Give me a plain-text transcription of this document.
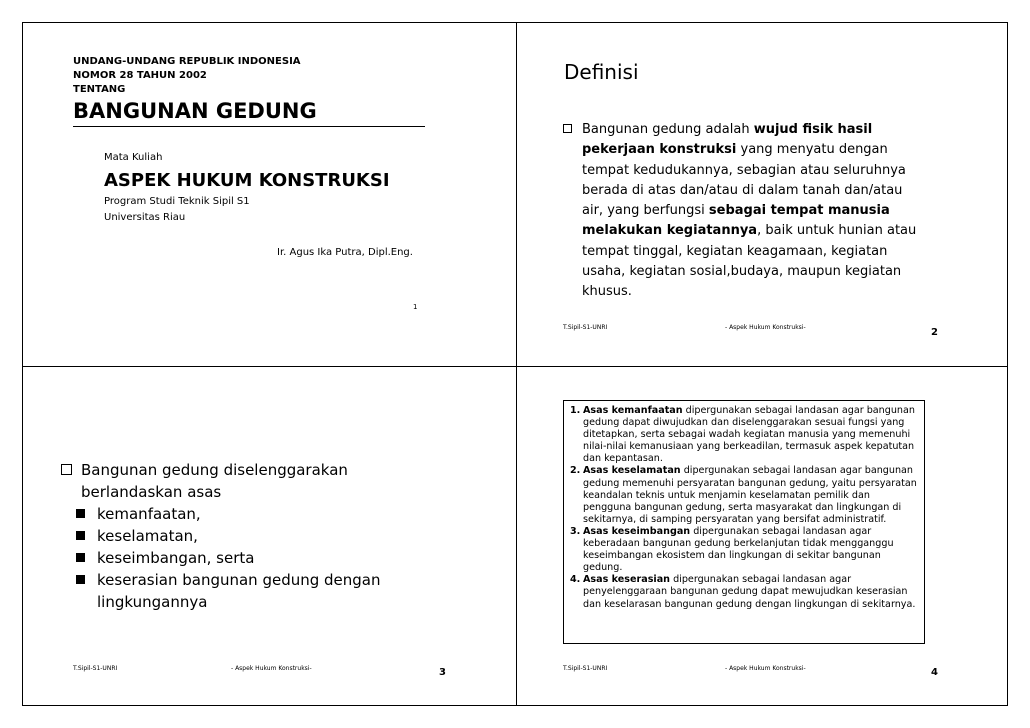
UNDANG-UNDANG REPUBLIK INDONESIA
NOMOR 28 TAHUN 2002
TENTANG
BANGUNAN GEDUNG
Mata Kuliah
ASPEK HUKUM KONSTRUKSI
Program Studi Teknik Sipil S1
Universitas Riau
Ir. Agus Ika Putra, Dipl.Eng.
1
Definisi
Bangunan gedung adalah wujud fisik hasil pekerjaan konstruksi yang menyatu dengan tempat kedudukannya, sebagian atau seluruhnya berada di atas dan/atau di dalam tanah dan/atau air, yang berfungsi sebagai tempat manusia melakukan kegiatannya, baik untuk hunian atau tempat tinggal, kegiatan keagamaan, kegiatan usaha, kegiatan sosial,budaya, maupun kegiatan khusus.
T.Sipil-S1-UNRI	- Aspek Hukum Konstruksi-	2
Bangunan gedung diselenggarakan berlandaskan asas
kemanfaatan,
keselamatan,
keseimbangan, serta
keserasian bangunan gedung dengan lingkungannya
T.Sipil-S1-UNRI	- Aspek Hukum Konstruksi-	3
1. Asas kemanfaatan dipergunakan sebagai landasan agar bangunan gedung dapat diwujudkan dan diselenggarakan sesuai fungsi yang ditetapkan, serta sebagai wadah kegiatan manusia yang memenuhi nilai-nilai kemanusiaan yang berkeadilan, termasuk aspek kepatutan dan kepantasan.
2. Asas keselamatan dipergunakan sebagai landasan agar bangunan gedung memenuhi persyaratan bangunan gedung, yaitu persyaratan keandalan teknis untuk menjamin keselamatan pemilik dan pengguna bangunan gedung, serta masyarakat dan lingkungan di sekitarnya, di samping persyaratan yang bersifat administratif.
3. Asas keseimbangan dipergunakan sebagai landasan agar keberadaan bangunan gedung berkelanjutan tidak mengganggu keseimbangan ekosistem dan lingkungan di sekitar bangunan gedung.
4. Asas keserasian dipergunakan sebagai landasan agar penyelenggaraan bangunan gedung dapat mewujudkan keserasian dan keselarasan bangunan gedung dengan lingkungan di sekitarnya.
T.Sipil-S1-UNRI	- Aspek Hukum Konstruksi-	4
